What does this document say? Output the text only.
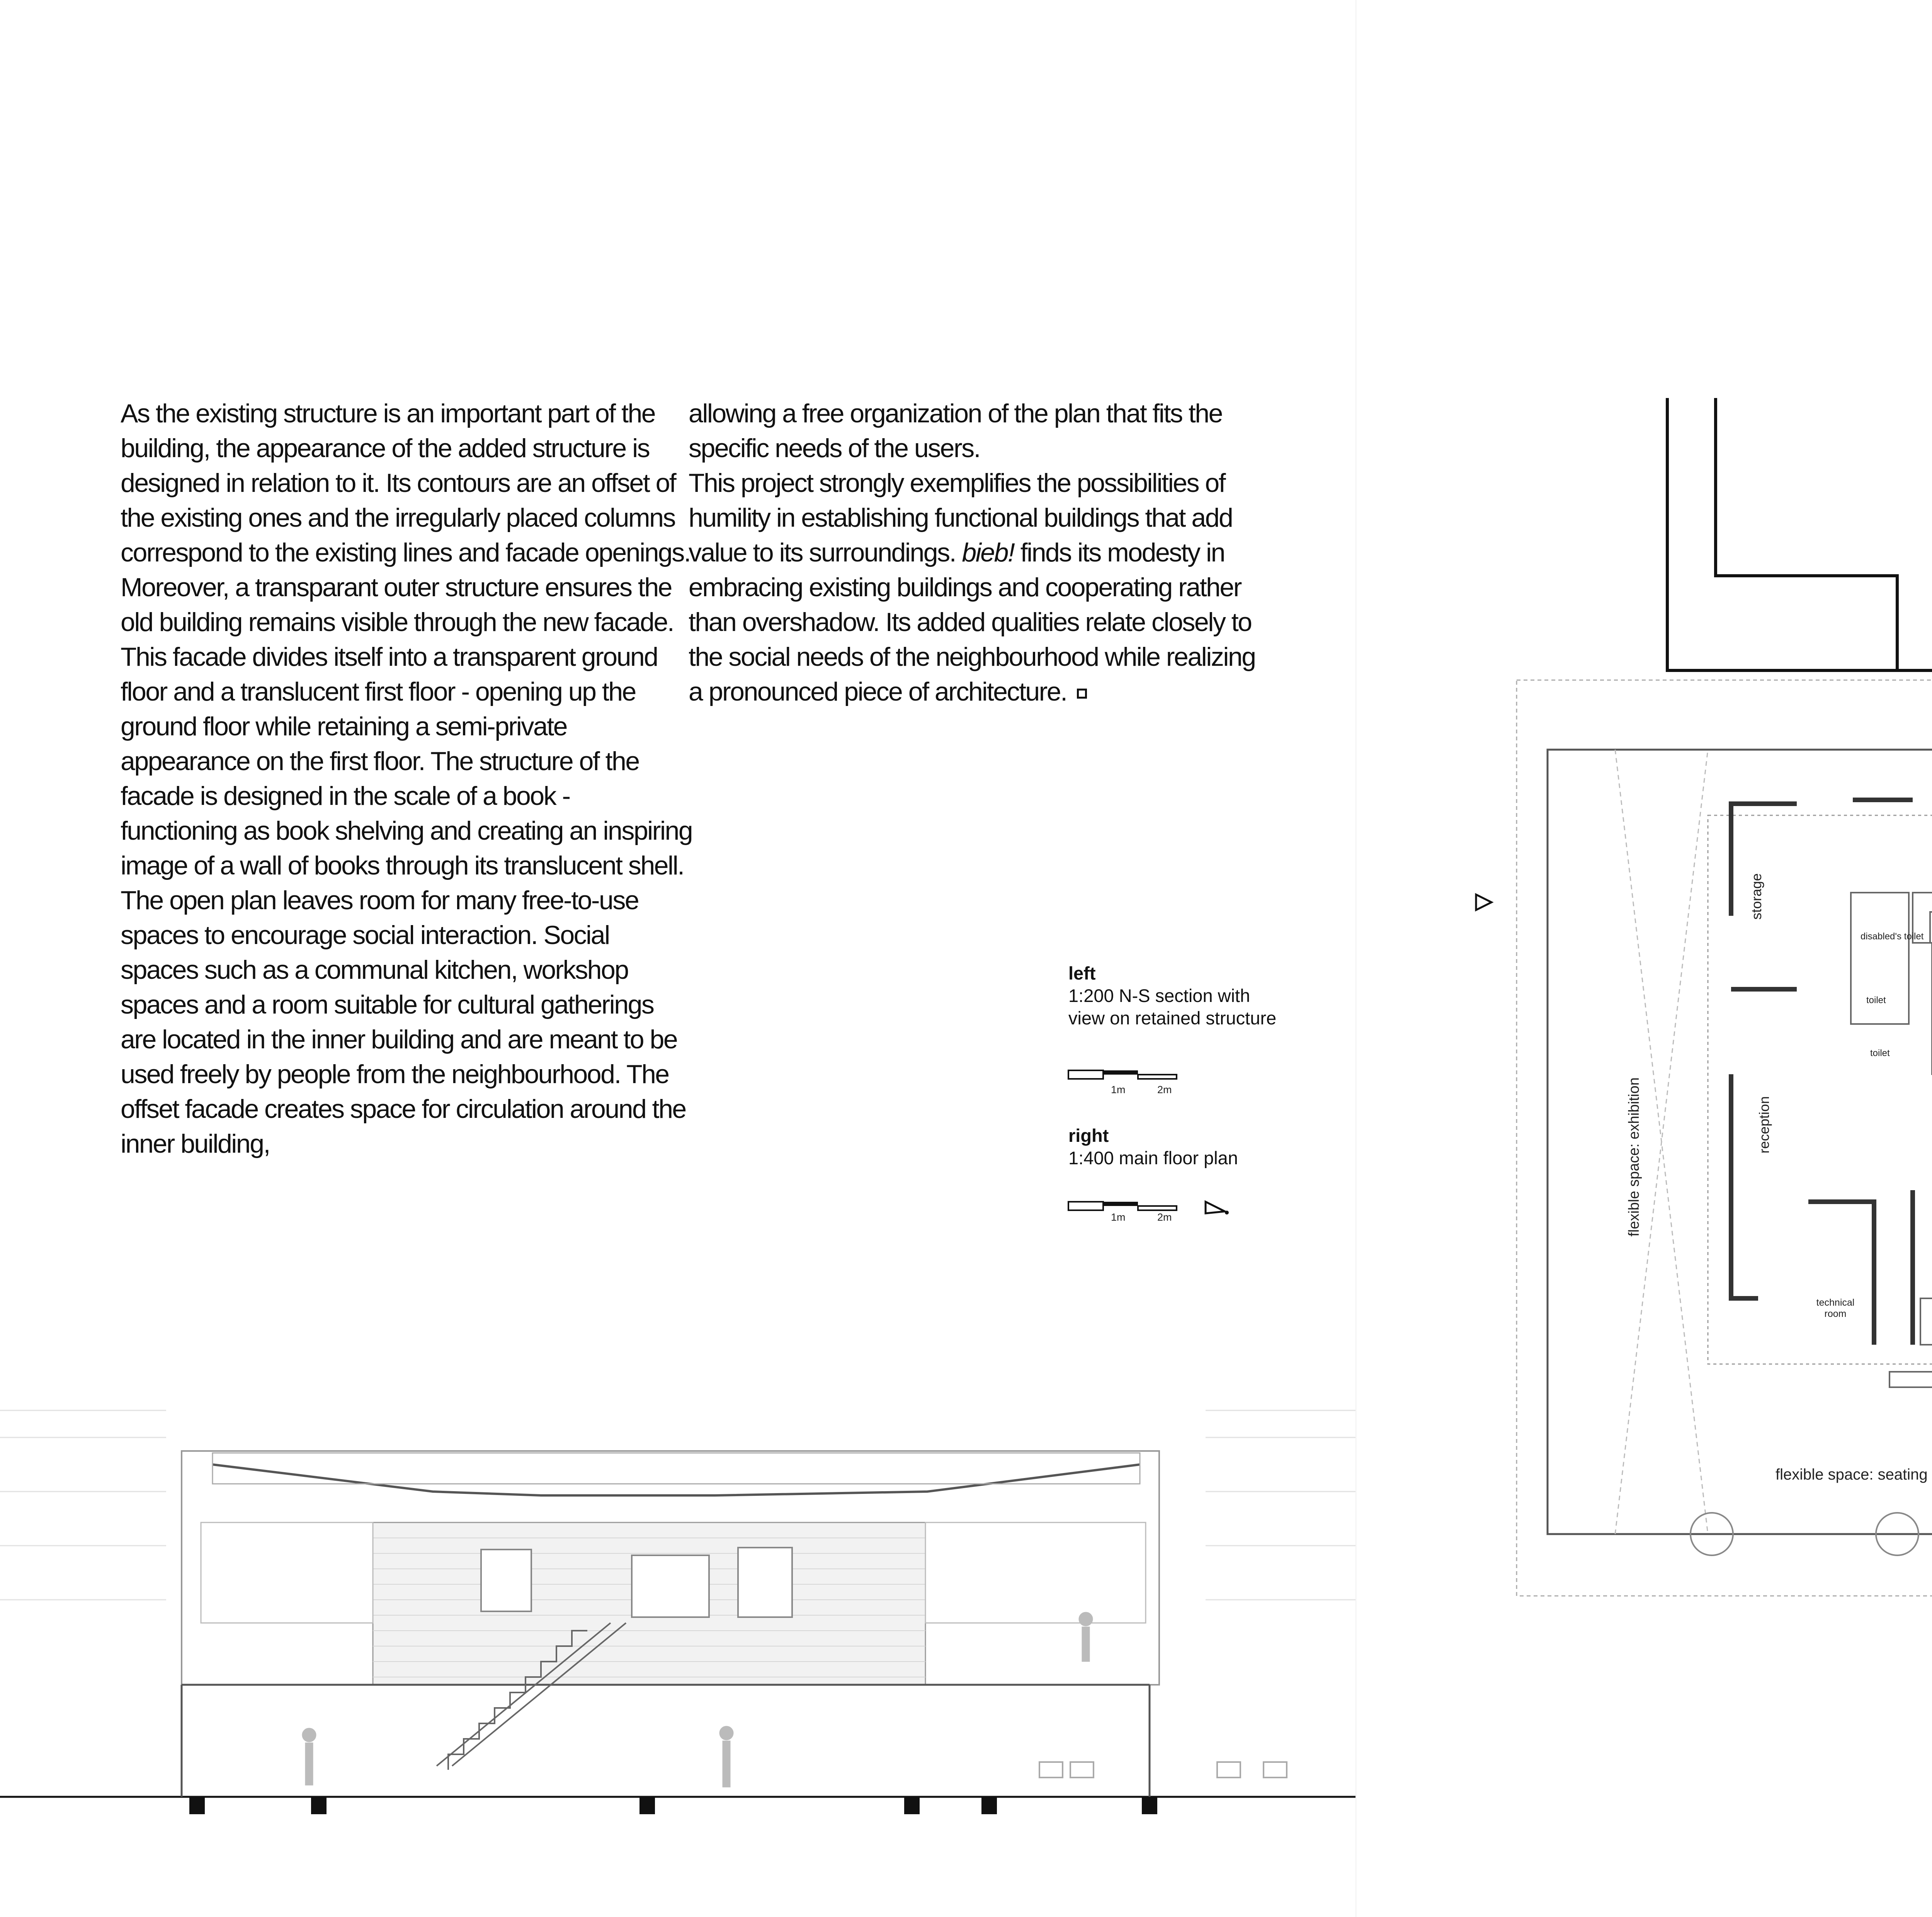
As the existing structure is an important part of the building, the appearance of the added structure is designed in relation to it. Its contours are an offset of the existing ones and the irregularly placed columns correspond to the existing lines and facade openings. Moreover, a transparant outer structure ensures the old building remains visible through the new facade. This facade divides itself into a transparent ground floor and a translucent first floor - opening up the ground floor while retaining a semi-private appearance on the first floor. The structure of the facade is designed in the scale of a book - functioning as book shelving and creating an inspiring image of a wall of books through its translucent shell.

The open plan leaves room for many free-to-use spaces to encourage social interaction. Social spaces such as a communal kitchen, workshop spaces and a room suitable for cultural gatherings are located in the inner building and are meant to be used freely by people from the neighbourhood. The offset facade creates space for circulation around the inner building,

allowing a free organization of the plan that fits the specific needs of the users.

This project strongly exemplifies the possibilities of humility in establishing functional buildings that add value to its surroundings. bieb! finds its modesty in embracing existing buildings and cooperating rather than overshadow. Its added qualities relate closely to the social needs of the neighbourhood while realizing a pronounced piece of architecture.

left
1:200 N-S section with view on retained structure
1m	2m
right
1:400 main floor plan
1m	2m
storage
disabled's toilet
toilet
toilet
reception
flexible space: exhibition
technical room
flexible space: seating
